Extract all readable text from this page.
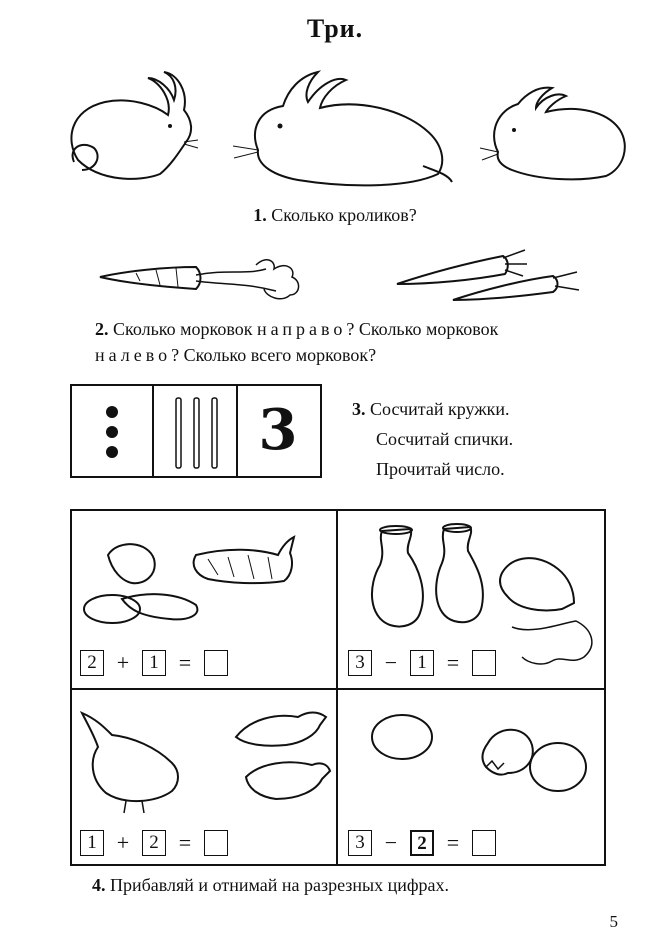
Три.
1. Сколько кроликов?
2. Сколько морковок направо? Сколько морковок
налево? Сколько всего морковок?
3	3. Сосчитай кружки.
Сосчитай спички.
Прочитай число.
2 +	1 =	3 −	1 =
1 +	2 =	3 −	2 =
4. Прибавляй и отнимай на разрезных цифрах.
5
